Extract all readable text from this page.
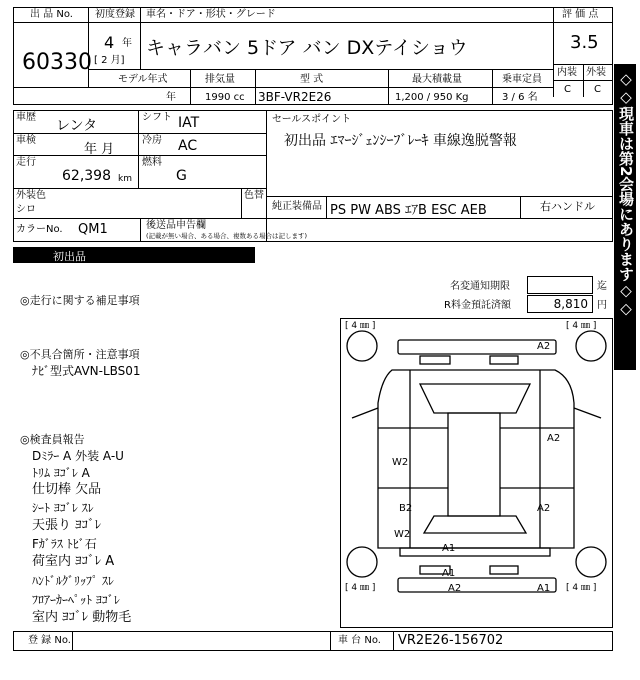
出 品 No.
60330
初度登録
4 年
[ 2 月]
車名・ドア・形状・グレード
キャラバン 5ドア バン DXテイショウ
評 価 点
3.5
内装 外装
C C
モデル年式
年
排気量
1990 cc
型 式
3BF-VR2E26
最大積載量
1,200 / 950 Kg
乗車定員
3 / 6 名
車歴
レンタ
シフト IAT
車検
年 月
冷房 AC
走行
62,398 km
燃料
G
外装色
シロ
色替
カラーNo. QM1	後送品申告欄
(記載が無い場合、ある場合、複数ある場合は記します)
セールスポイント
初出品 ｴﾏｰｼﾞｪﾝｼｰﾌﾞﾚｰｷ 車線逸脱警報
純正装備品 PS PW ABS ｴｱB ESC AEB	右ハンドル
初出品
名変通知期限	迄
R料金預託済額	8,810 円
◎走行に関する補足事項
◎不具合箇所・注意事項
ﾅﾋﾞ型式AVN-LBS01
◎検査員報告
Dﾐﾗｰ A 外装 A-U
ﾄﾘﾑ ﾖｺﾞﾚ A
仕切棒 欠品
ｼｰﾄ ﾖｺﾞﾚ ｽﾚ
天張り ﾖｺﾞﾚ
Fｶﾞﾗｽ ﾄﾋﾞ石
荷室内 ﾖｺﾞﾚ A
ﾊﾝﾄﾞﾙｸﾞﾘｯﾌﾟ ｽﾚ
ﾌﾛｱｰｶｰﾍﾟｯﾄ ﾖｺﾞﾚ
室内 ﾖｺﾞﾚ 動物毛
[ 4 ㎜ ]	[ 4 ㎜ ]
[ 4 ㎜ ]	[ 4 ㎜ ]
A2
W2
A2
B2	A2
W2
A1
A1
A2	A1
登 録 No.	車 台 No. VR2E26-156702
◇◇現車は第2会場にあります◇◇
